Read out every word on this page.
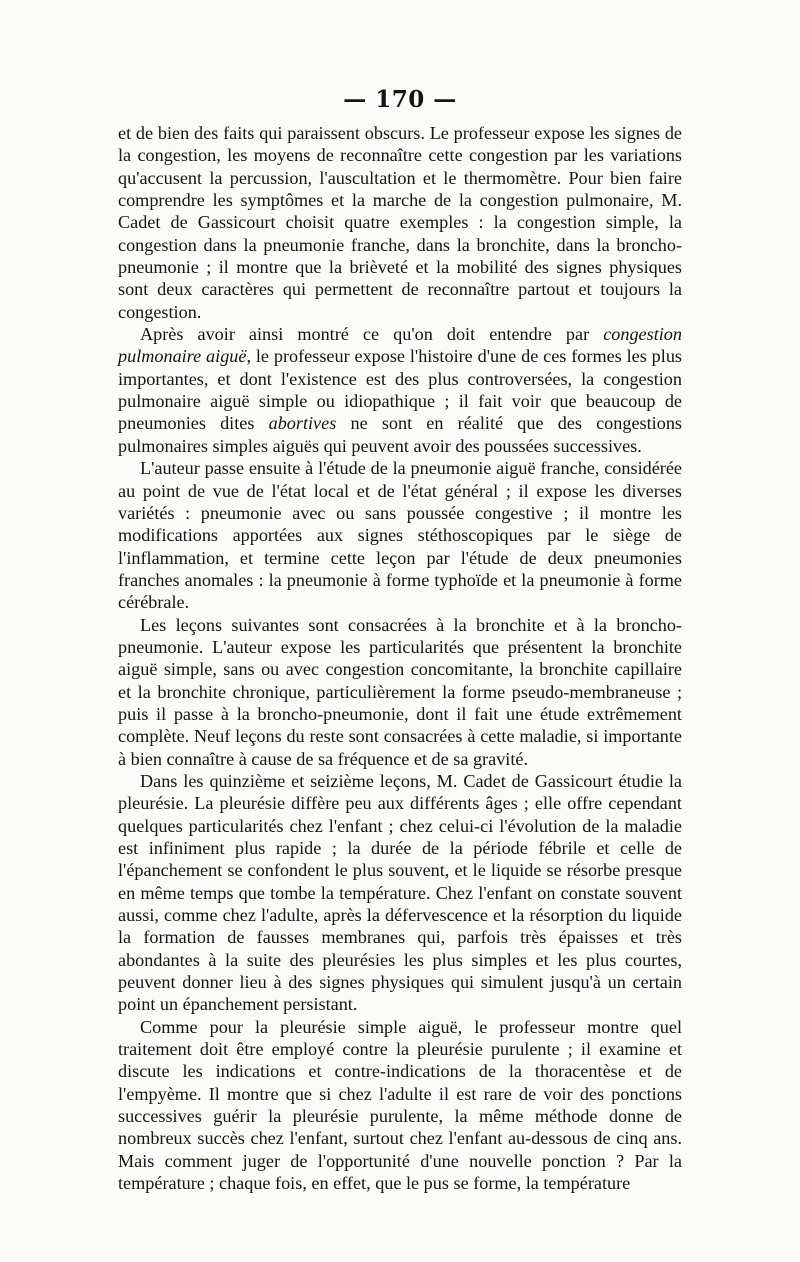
— 170 —

et de bien des faits qui paraissent obscurs. Le professeur expose les signes de la congestion, les moyens de reconnaître cette congestion par les variations qu'accusent la percussion, l'auscultation et le thermomètre. Pour bien faire comprendre les symptômes et la marche de la congestion pulmonaire, M. Cadet de Gassicourt choisit quatre exemples : la congestion simple, la congestion dans la pneumonie franche, dans la bronchite, dans la broncho-pneumonie ; il montre que la brièveté et la mobilité des signes physiques sont deux caractères qui permettent de reconnaître partout et toujours la congestion.

Après avoir ainsi montré ce qu'on doit entendre par congestion pulmonaire aiguë, le professeur expose l'histoire d'une de ces formes les plus importantes, et dont l'existence est des plus controversées, la congestion pulmonaire aiguë simple ou idiopathique ; il fait voir que beaucoup de pneumonies dites abortives ne sont en réalité que des congestions pulmonaires simples aiguës qui peuvent avoir des poussées successives.

L'auteur passe ensuite à l'étude de la pneumonie aiguë franche, considérée au point de vue de l'état local et de l'état général ; il expose les diverses variétés : pneumonie avec ou sans poussée congestive ; il montre les modifications apportées aux signes stéthoscopiques par le siège de l'inflammation, et termine cette leçon par l'étude de deux pneumonies franches anomales : la pneumonie à forme typhoïde et la pneumonie à forme cérébrale.

Les leçons suivantes sont consacrées à la bronchite et à la broncho-pneumonie. L'auteur expose les particularités que présentent la bronchite aiguë simple, sans ou avec congestion concomitante, la bronchite capillaire et la bronchite chronique, particulièrement la forme pseudo-membraneuse ; puis il passe à la broncho-pneumonie, dont il fait une étude extrêmement complète. Neuf leçons du reste sont consacrées à cette maladie, si importante à bien connaître à cause de sa fréquence et de sa gravité.

Dans les quinzième et seizième leçons, M. Cadet de Gassicourt étudie la pleurésie. La pleurésie diffère peu aux différents âges ; elle offre cependant quelques particularités chez l'enfant ; chez celui-ci l'évolution de la maladie est infiniment plus rapide ; la durée de la période fébrile et celle de l'épanchement se confondent le plus souvent, et le liquide se résorbe presque en même temps que tombe la température. Chez l'enfant on constate souvent aussi, comme chez l'adulte, après la défervescence et la résorption du liquide la formation de fausses membranes qui, parfois très épaisses et très abondantes à la suite des pleurésies les plus simples et les plus courtes, peuvent donner lieu à des signes physiques qui simulent jusqu'à un certain point un épanchement persistant.

Comme pour la pleurésie simple aiguë, le professeur montre quel traitement doit être employé contre la pleurésie purulente ; il examine et discute les indications et contre-indications de la thoracentèse et de l'empyème. Il montre que si chez l'adulte il est rare de voir des ponctions successives guérir la pleurésie purulente, la même méthode donne de nombreux succès chez l'enfant, surtout chez l'enfant au-dessous de cinq ans. Mais comment juger de l'opportunité d'une nouvelle ponction ? Par la température ; chaque fois, en effet, que le pus se forme, la température
